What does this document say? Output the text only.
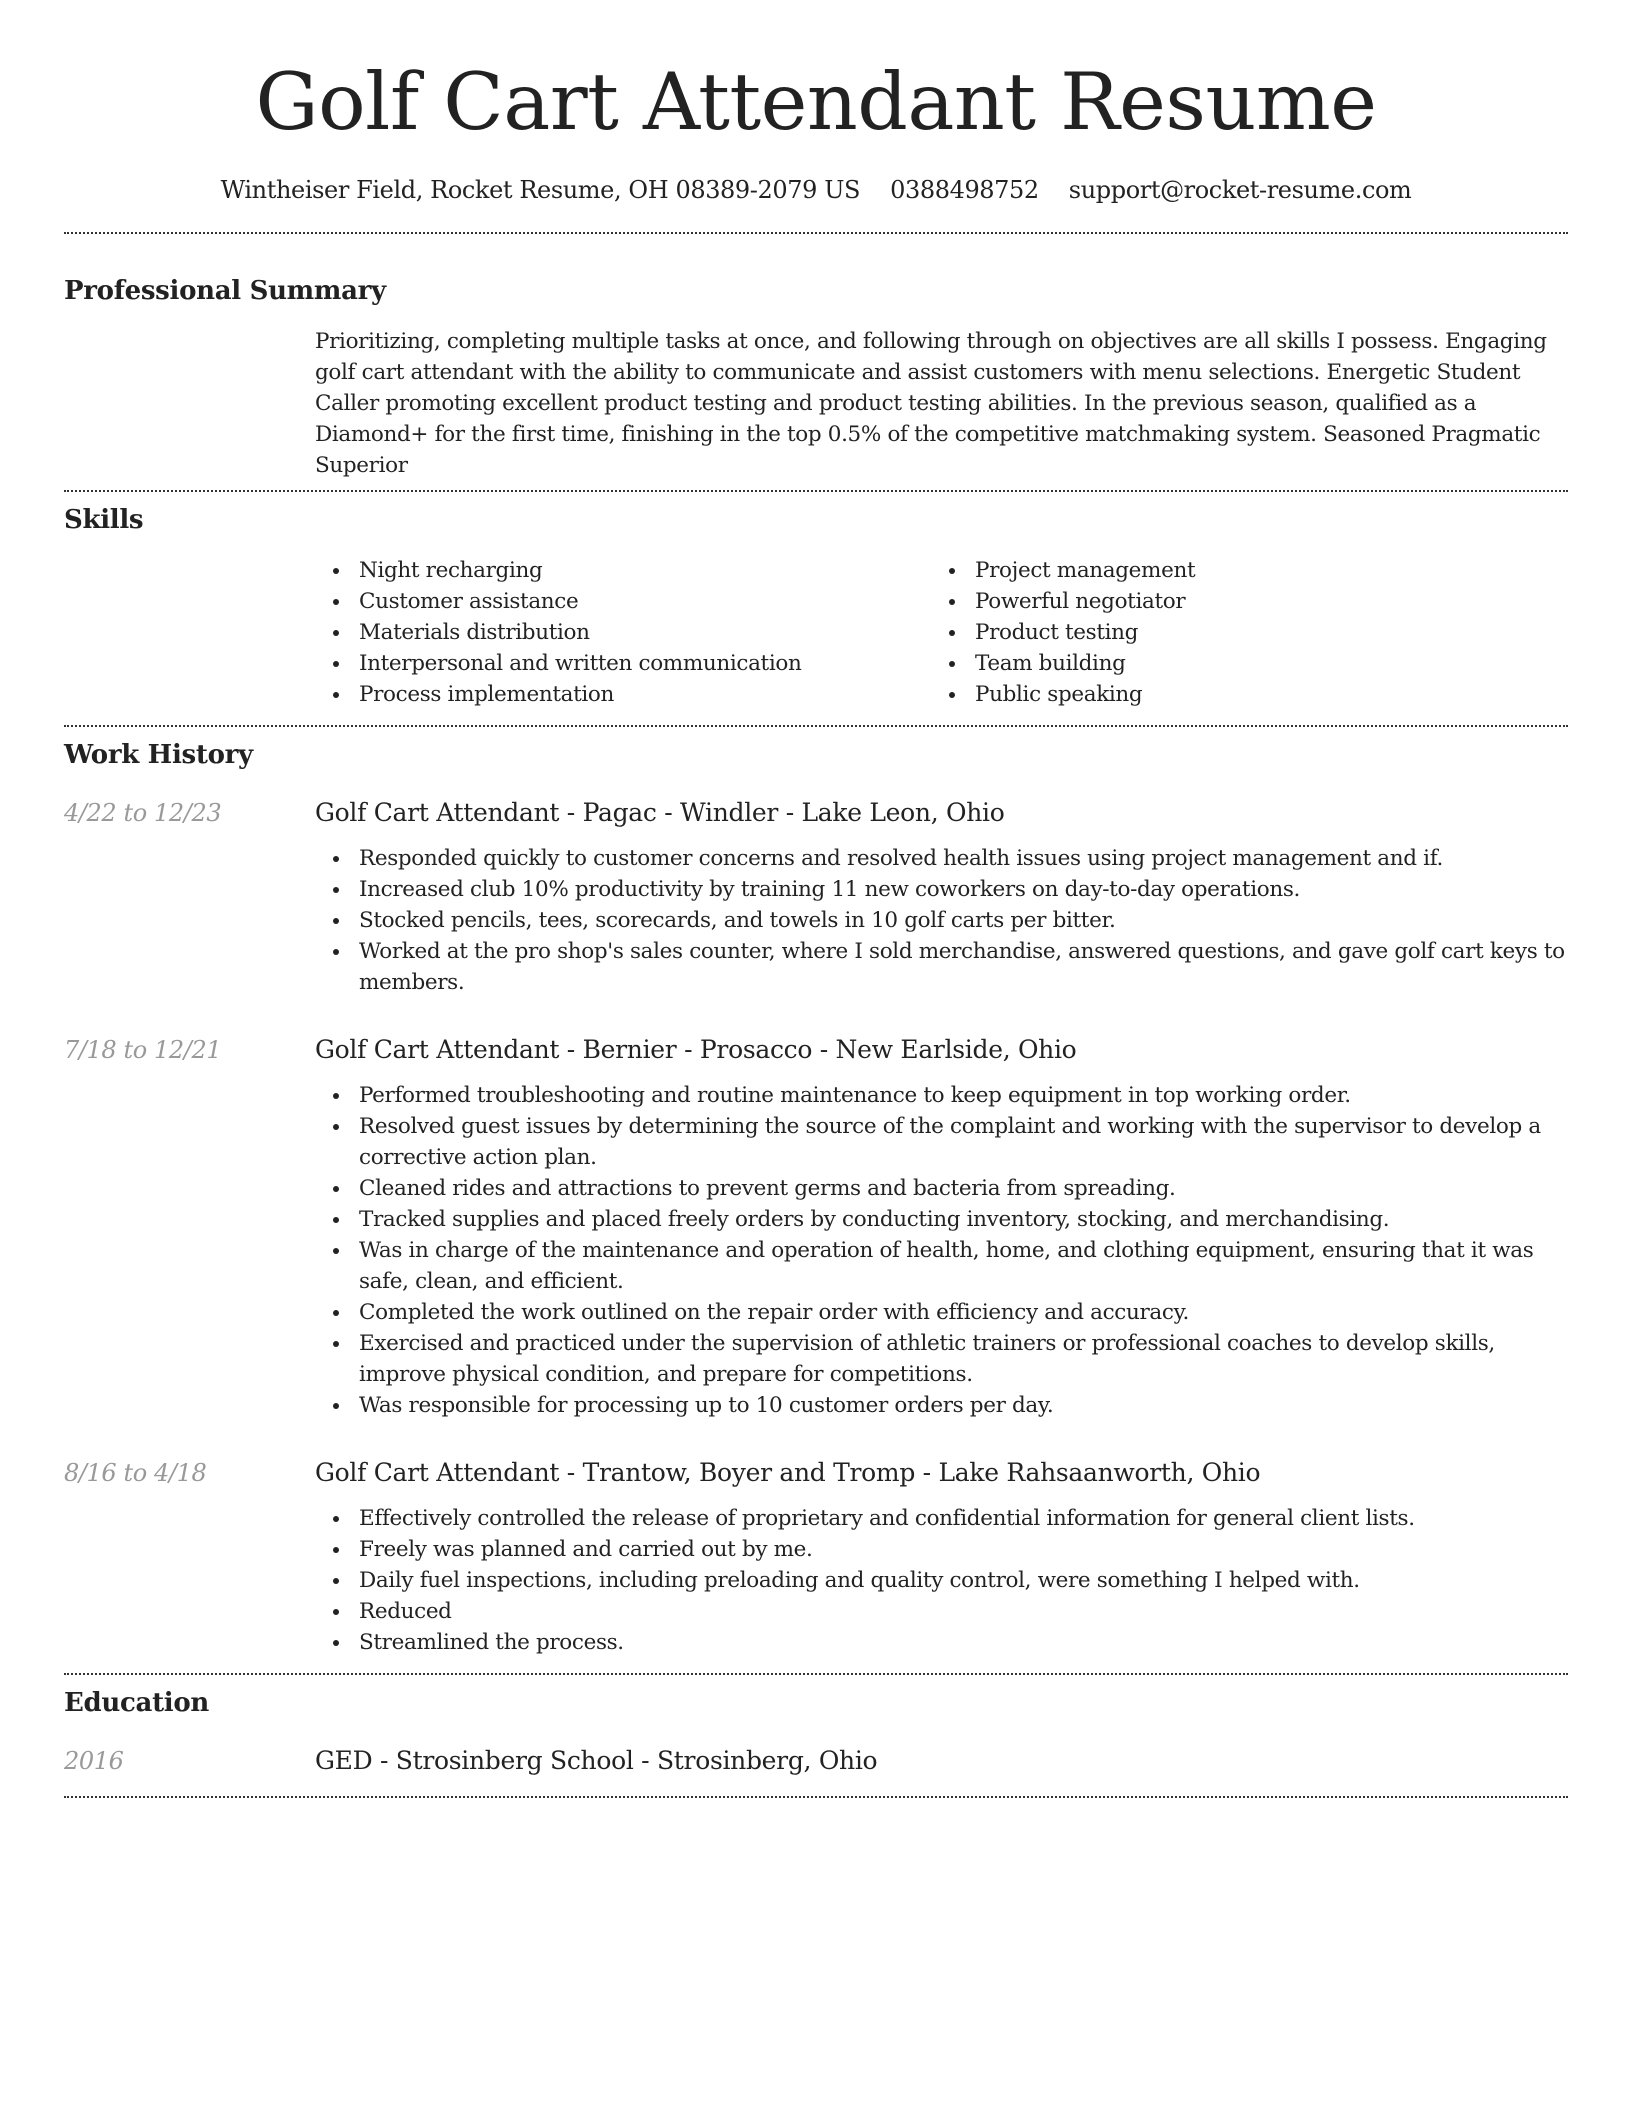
Golf Cart Attendant Resume
Wintheiser Field, Rocket Resume, OH 08389-2079 US 0388498752 support@rocket-resume.com
Professional Summary

Prioritizing, completing multiple tasks at once, and following through on objectives are all skills I possess. Engaging golf cart attendant with the ability to communicate and assist customers with menu selections. Energetic Student Caller promoting excellent product testing and product testing abilities. In the previous season, qualified as a Diamond+ for the first time, finishing in the top 0.5% of the competitive matchmaking system. Seasoned Pragmatic Superior

Skills
Night recharging
Customer assistance
Materials distribution
Interpersonal and written communication
Process implementation
Project management
Powerful negotiator
Product testing
Team building
Public speaking
Work History
4/22 to 12/23	Golf Cart Attendant - Pagac - Windler - Lake Leon, Ohio
Responded quickly to customer concerns and resolved health issues using project management and if.
Increased club 10% productivity by training 11 new coworkers on day-to-day operations.
Stocked pencils, tees, scorecards, and towels in 10 golf carts per bitter.
Worked at the pro shop's sales counter, where I sold merchandise, answered questions, and gave golf cart keys to members.
7/18 to 12/21	Golf Cart Attendant - Bernier - Prosacco - New Earlside, Ohio
Performed troubleshooting and routine maintenance to keep equipment in top working order.
Resolved guest issues by determining the source of the complaint and working with the supervisor to develop a corrective action plan.
Cleaned rides and attractions to prevent germs and bacteria from spreading.
Tracked supplies and placed freely orders by conducting inventory, stocking, and merchandising.
Was in charge of the maintenance and operation of health, home, and clothing equipment, ensuring that it was safe, clean, and efficient.
Completed the work outlined on the repair order with efficiency and accuracy.
Exercised and practiced under the supervision of athletic trainers or professional coaches to develop skills, improve physical condition, and prepare for competitions.
Was responsible for processing up to 10 customer orders per day.
8/16 to 4/18	Golf Cart Attendant - Trantow, Boyer and Tromp - Lake Rahsaanworth, Ohio
Effectively controlled the release of proprietary and confidential information for general client lists.
Freely was planned and carried out by me.
Daily fuel inspections, including preloading and quality control, were something I helped with.
Reduced
Streamlined the process.
Education
2016	GED - Strosinberg School - Strosinberg, Ohio
